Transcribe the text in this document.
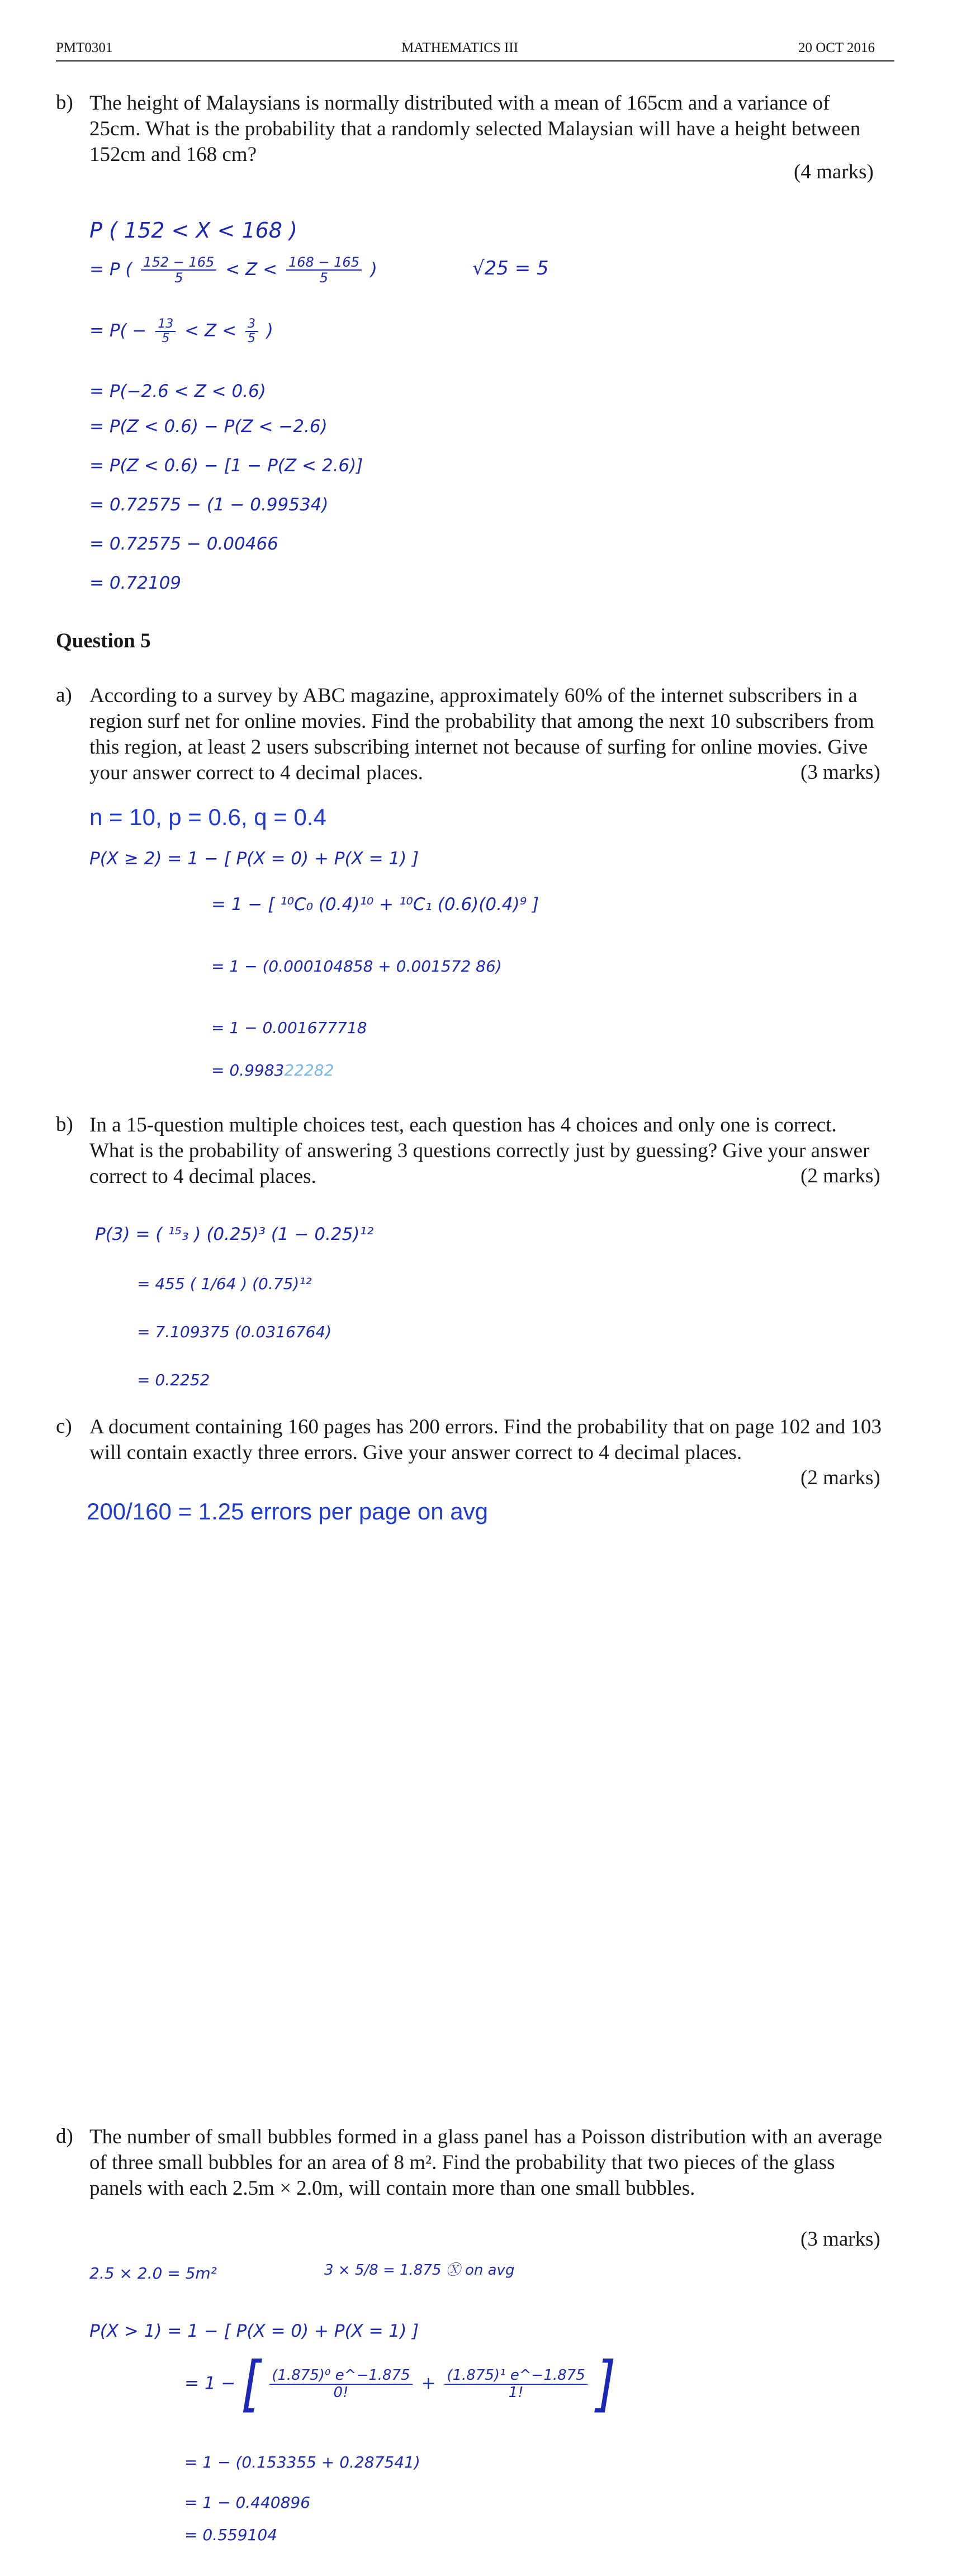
PMT0301	MATHEMATICS III	20 OCT 2016
b) The height of Malaysians is normally distributed with a mean of 165cm and a variance of 25cm. What is the probability that a randomly selected Malaysian will have a height between 152cm and 168 cm?
(4 marks)
P ( 152 < X < 168 )
√25 = 5
= P ( $\frac{152 - 165}{5} < Z < \frac{168 - 165}{5}$ )
= $P( - \frac{13}{5} < Z < \frac{3}{5}$ )
= P(−2.6 < Z < 0.6)
= P(Z < 0.6) − P(Z < −2.6)
= P(Z < 0.6) − [1 − P(Z < 2.6)]
= 0.72575 − (1 − 0.99534)
= 0.72575 − 0.00466
= 0.72109
Question 5
a) According to a survey by ABC magazine, approximately 60% of the internet subscribers in a region surf net for online movies. Find the probability that among the next 10 subscribers from this region, at least 2 users subscribing internet not because of surfing for online movies. Give your answer correct to 4 decimal places.	(3 marks)
n = 10, p = 0.6, q = 0.4
P(X ≥ 2) = 1 − [ P(X = 0) + P(X = 1) ]
= 1 − [ ¹⁰C₀ (0.4)¹⁰ + ¹⁰C₁ (0.6)(0.4)⁹ ]
= 1 − (0.000104858 + 0.001572 86)
= 1 − 0.001677718
= 0.998322282
b) In a 15-question multiple choices test, each question has 4 choices and only one is correct. What is the probability of answering 3 questions correctly just by guessing? Give your answer correct to 4 decimal places.	(2 marks)
P(3) = ( ¹⁵₃ ) (0.25)³ (1 − 0.25)¹²
= 455 ( 1/64 ) (0.75)¹²
= 7.109375 (0.0316764)
= 0.2252
c) A document containing 160 pages has 200 errors. Find the probability that on page 102 and 103 will contain exactly three errors. Give your answer correct to 4 decimal places.
(2 marks)
200/160 = 1.25 errors per page on avg
d) The number of small bubbles formed in a glass panel has a Poisson distribution with an average of three small bubbles for an area of 8 m². Find the probability that two pieces of the glass panels with each 2.5m × 2.0m, will contain more than one small bubbles.
(3 marks)
2.5 × 2.0 = 5m²	3 × 5/8 = 1.875 Ⓧ on avg
P(X > 1) = 1 − [ P(X = 0) + P(X = 1) ]
= 1 − [ $\frac{\text{(1.875)⁰ e\textasciicircum{}−1.875}}{0!} + \frac{\text{(1.875)¹ e\textasciicircum{}−1.875}}{1!}$ ]
= 1 − (0.153355 + 0.287541)
= 1 − 0.440896
= 0.559104
